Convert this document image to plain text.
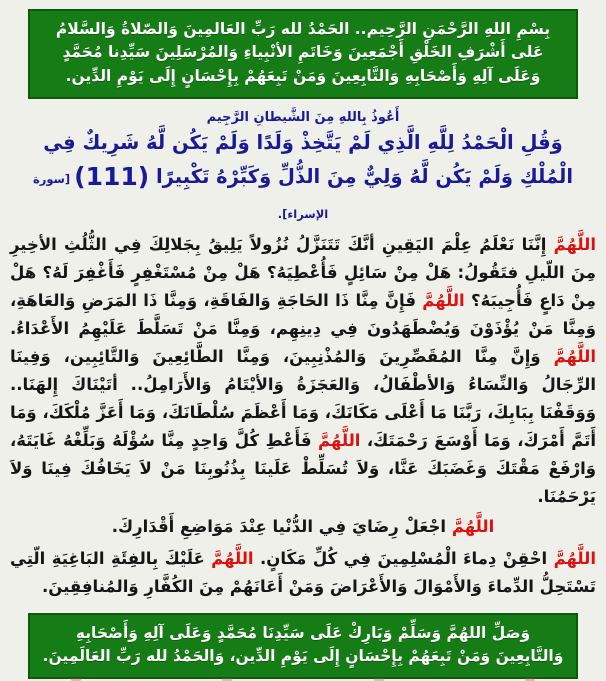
بِسْمِ اللهِ الرَّحْمَنِ الرَّحِيم.. الحَمْدُ لله رَبِّ العَالمِينَ وَالصّلاةُ وَالسَّلامُ عَلى أَشْرَفِ الخَلْقِ أَجْمَعِينَ وَخَاتَمِ الأنْبِياءِ وَالمُرْسَلِينَ سَيِّدِنا مُحَمَّدٍ وَعَلَى آلِهِ وَأَصْحَابِهِ وَالتَّابِعِينَ وَمَنْ تَبِعَهُمْ بِإِحْسَانٍ إِلَى يَوْمِ الدِّين.
أَعُوذُ بِاللهِ مِنَ الشَّيطانِ الرَّجِيم
وَقُلِ الْحَمْدُ لِلَّهِ الَّذِي لَمْ يَتَّخِذْ وَلَدًا وَلَمْ يَكُن لَّهُ شَرِيكٌ فِي الْمُلْكِ وَلَمْ يَكُن لَّهُ وَلِيٌّ مِنَ الذُّلِّ وَكَبِّرْهُ تَكْبِيرًا (111) [سورة الإسراء].

اللَّهُمَّ إِنَّنَا نَعْلَمُ عِلْمَ اليَقِينِ أنَّكَ تَتَنَزَّلُ نُزُولاً يَلِيقُ بِجَلالِكَ فِي الثُّلُثِ الأخِيرِ مِنَ اللّيلِ فتَقُولُ: هَلْ مِنْ سَائِلٍ فَأُعْطِيَهُ؟ هَلْ مِنْ مُسْتَغْفِرٍ فَأَغْفِرَ لَهُ؟ هَلْ مِنْ دَاعٍ فَأُجِيبَهُ؟ اللَّهُمَّ فَإِنَّ مِنَّا ذَا الحَاجَةِ وَالفَاقَةِ، وَمِنَّا ذَا المَرَضِ وَالعَاهَةِ، وَمِنَّا مَنْ يُؤْذَوْنَ وَيُضْطَهَدُونَ فِي دِينِهِم، وَمِنَّا مَنْ تَسَلَّطَ عَلَيْهِمُ الأَعْدَاءُ. اللَّهُمَّ وَإِنَّ مِنَّا المُقَصِّرِينَ وَالمُذْنِبِينَ، وَمِنَّا الطَّائِعِينَ وَالتَّائِبِين، وَفِينَا الرِّجَالُ وَالنِّسَاءُ وَالأطْفَالُ، وَالعَجَزَةُ وَالأيْتَامُ وَالأَرَامِلُ.. أتَيْنَاكَ إِلهَنَا.. وَوَقَفْنَا بِبَابِكَ، رَبَّنَا مَا أَعْلَى مَكَانَكَ، وَمَا أَعْظَمَ سُلْطَانَكَ، وَمَا أَعَزَّ مُلْكَكَ، وَمَا أَتَمَّ أَمْرَكَ، وَمَا أَوْسَعَ رَحْمَتَكَ، اللَّهُمَّ فَأَعْطِ كُلَّ وَاحِدٍ مِنَّا سُؤْلَهُ وَبَلِّغْهُ غَايَتَهُ، وَارْفَعْ مَقْتَكَ وَغَضَبَكَ عَنَّا، وَلاَ تُسَلِّطْ عَلَينَا بِذُنُوبِنَا مَنْ لاَ يَخَافُكَ فِينَا وَلاَ يَرْحَمُنَا.

اللَّهُمَّ اجْعَلْ رِضَايَ فِي الدُّنْيا عِنْدَ مَوَاضِعِ أَقْدَارِكَ.

اللَّهُمَّ احْقِنْ دِماءَ الْمُسْلِمِينَ فِي كُلِّ مَكَانٍ. اللَّهُمَّ عَلَيْكَ بِالفِئَةِ البَاغِيَةِ الّتِي تَسْتَحِلُّ الدِّماءَ وَالأَمْوَالَ وَالأَعْرَاضَ وَمَنْ أَعَانَهُمْ مِنَ الكُفَّارِ وَالمُنافِقِينَ.

وَصَلِّ اللهُمَّ وَسَلِّمْ وَبَارِكْ عَلَى سَيِّدِنَا مُحَمَّدٍ وَعَلَى آلِهِ وَأَصْحَابِهِ وَالتَّابِعِينَ وَمَنْ تَبِعَهُمْ بِإِحْسَانٍ إِلَى يَوْمِ الدِّين، وَالحَمْدُ لله رَبِّ العَالَمِينَ.
